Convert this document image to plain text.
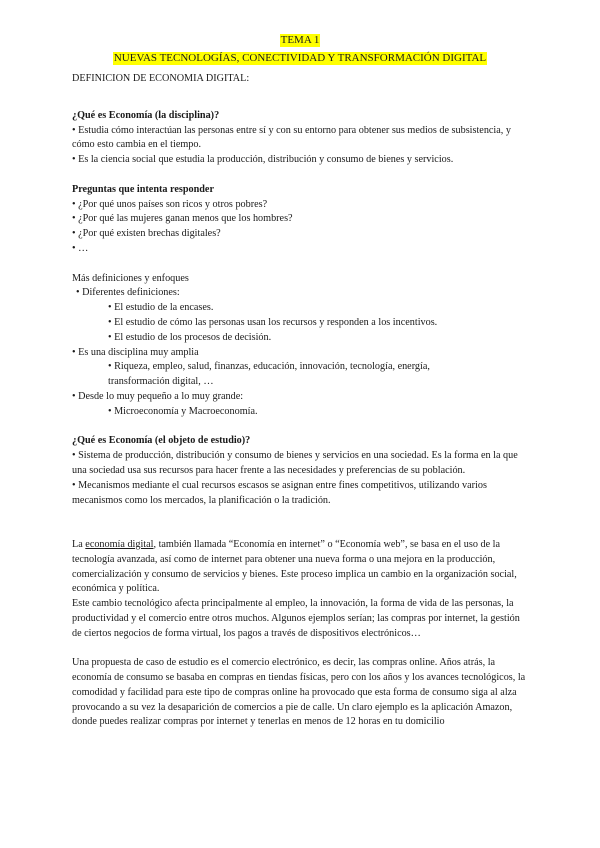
TEMA 1
NUEVAS TECNOLOGÍAS, CONECTIVIDAD Y TRANSFORMACIÓN DIGITAL

DEFINICION DE ECONOMIA DIGITAL:

¿Qué es Economía (la disciplina)?

• Estudia cómo interactúan las personas entre sí y con su entorno para obtener sus medios de subsistencia, y cómo esto cambia en el tiempo.

• Es la ciencia social que estudia la producción, distribución y consumo de bienes y servicios.

Preguntas que intenta responder

• ¿Por qué unos países son ricos y otros pobres?

• ¿Por qué las mujeres ganan menos que los hombres?

• ¿Por qué existen brechas digitales?

• …

Más definiciones y enfoques

• Diferentes definiciones:

• El estudio de la encases.

• El estudio de cómo las personas usan los recursos y responden a los incentivos.

• El estudio de los procesos de decisión.

• Es una disciplina muy amplia

• Riqueza, empleo, salud, finanzas, educación, innovación, tecnología, energía,

transformación digital, …

• Desde lo muy pequeño a lo muy grande:

• Microeconomía y Macroeconomía.

¿Qué es Economía (el objeto de estudio)?

• Sistema de producción, distribución y consumo de bienes y servicios en una sociedad. Es la forma en la que una sociedad usa sus recursos para hacer frente a las necesidades y preferencias de su población.

• Mecanismos mediante el cual recursos escasos se asignan entre fines competitivos, utilizando varios mecanismos como los mercados, la planificación o la tradición.

La economía digital, también llamada “Economía en internet” o “Economía web”, se basa en el uso de la tecnología avanzada, así como de internet para obtener una nueva forma o una mejora en la producción, comercialización y consumo de servicios y bienes. Este proceso implica un cambio en la organización social, económica y política.

Este cambio tecnológico afecta principalmente al empleo, la innovación, la forma de vida de las personas, la productividad y el comercio entre otros muchos. Algunos ejemplos serían; las compras por internet, la gestión de ciertos negocios de forma virtual, los pagos a través de dispositivos electrónicos…

Una propuesta de caso de estudio es el comercio electrónico, es decir, las compras online. Años atrás, la economía de consumo se basaba en compras en tiendas físicas, pero con los años y los avances tecnológicos, la comodidad y facilidad para este tipo de compras online ha provocado que esta forma de consumo siga al alza provocando a su vez la desaparición de comercios a pie de calle. Un claro ejemplo es la aplicación Amazon, donde puedes realizar compras por internet y tenerlas en menos de 12 horas en tu domicilio
